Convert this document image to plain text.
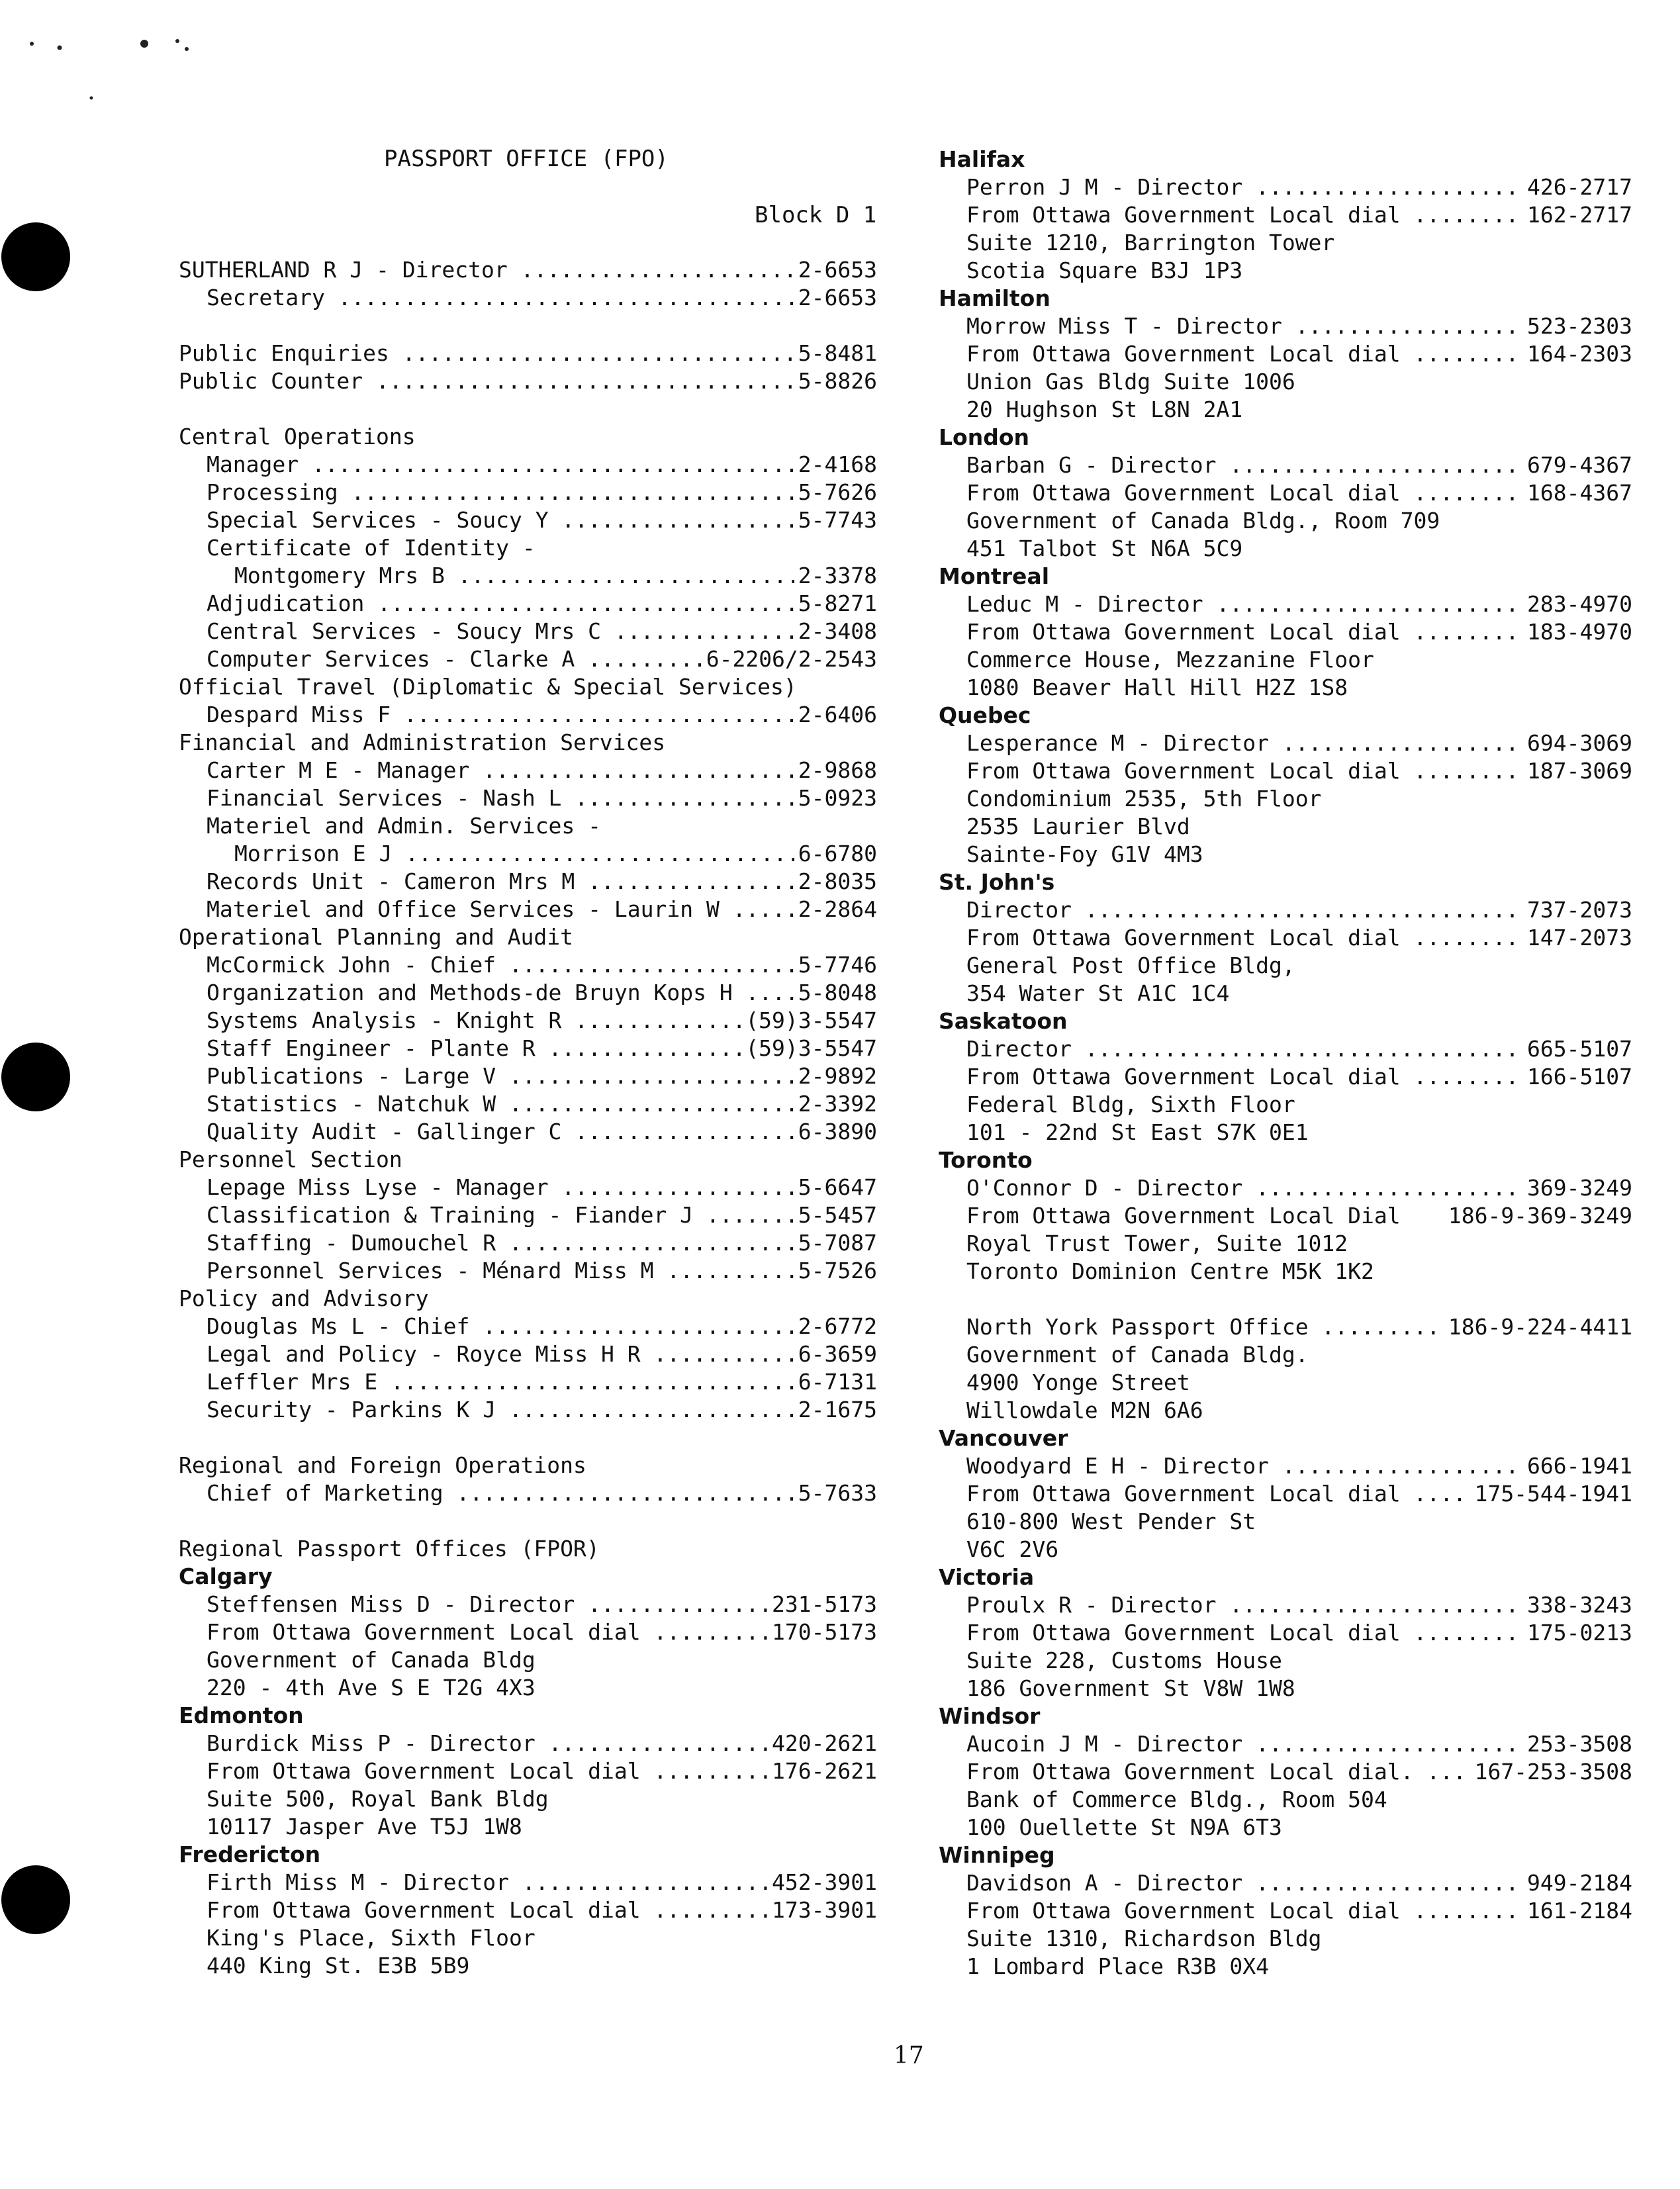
PASSPORT OFFICE (FPO)
Block D 1
SUTHERLAND R J - Director .....	2-6653
Secretary .....	2-6653
Public Enquiries .....	5-8481
Public Counter .....	5-8826
Central Operations
Manager .....	2-4168
Processing .....	5-7626
Special Services - Soucy Y .....	5-7743
Certificate of Identity -
Montgomery Mrs B .....	2-3378
Adjudication .....	5-8271
Central Services - Soucy Mrs C .....	2-3408
Computer Services - Clarke A .....	6-2206/2-2543
Official Travel (Diplomatic & Special Services)
Despard Miss F .....	2-6406
Financial and Administration Services
Carter M E - Manager .....	2-9868
Financial Services - Nash L .....	5-0923
Materiel and Admin. Services -
Morrison E J .....	6-6780
Records Unit - Cameron Mrs M .....	2-8035
Materiel and Office Services - Laurin W .....	2-2864
Operational Planning and Audit
McCormick John - Chief .....	5-7746
Organization and Methods-de Bruyn Kops H .....	5-8048
Systems Analysis - Knight R .....	(59)3-5547
Staff Engineer - Plante R .....	(59)3-5547
Publications - Large V .....	2-9892
Statistics - Natchuk W .....	2-3392
Quality Audit - Gallinger C .....	6-3890
Personnel Section
Lepage Miss Lyse - Manager .....	5-6647
Classification & Training - Fiander J .....	5-5457
Staffing - Dumouchel R .....	5-7087
Personnel Services - Ménard Miss M .....	5-7526
Policy and Advisory
Douglas Ms L - Chief .....	2-6772
Legal and Policy - Royce Miss H R .....	6-3659
Leffler Mrs E .....	6-7131
Security - Parkins K J .....	2-1675
Regional and Foreign Operations
Chief of Marketing .....	5-7633
Regional Passport Offices (FPOR)
Calgary
Steffensen Miss D - Director .....	231-5173
From Ottawa Government Local dial .....	170-5173
Government of Canada Bldg
220 - 4th Ave S E T2G 4X3
Edmonton
Burdick Miss P - Director .....	420-2621
From Ottawa Government Local dial .....	176-2621
Suite 500, Royal Bank Bldg
10117 Jasper Ave T5J 1W8
Fredericton
Firth Miss M - Director .....	452-3901
From Ottawa Government Local dial .....	173-3901
King's Place, Sixth Floor
440 King St. E3B 5B9
Halifax
Perron J M - Director .....	426-2717
From Ottawa Government Local dial .....	162-2717
Suite 1210, Barrington Tower
Scotia Square B3J 1P3
Hamilton
Morrow Miss T - Director .....	523-2303
From Ottawa Government Local dial .....	164-2303
Union Gas Bldg Suite 1006
20 Hughson St L8N 2A1
London
Barban G - Director .....	679-4367
From Ottawa Government Local dial .....	168-4367
Government of Canada Bldg., Room 709
451 Talbot St N6A 5C9
Montreal
Leduc M - Director .....	283-4970
From Ottawa Government Local dial .....	183-4970
Commerce House, Mezzanine Floor
1080 Beaver Hall Hill H2Z 1S8
Quebec
Lesperance M - Director .....	694-3069
From Ottawa Government Local dial .....	187-3069
Condominium 2535, 5th Floor
2535 Laurier Blvd
Sainte-Foy G1V 4M3
St. John's
Director .....	737-2073
From Ottawa Government Local dial .....	147-2073
General Post Office Bldg,
354 Water St A1C 1C4
Saskatoon
Director .....	665-5107
From Ottawa Government Local dial .....	166-5107
Federal Bldg, Sixth Floor
101 - 22nd St East S7K 0E1
Toronto
O'Connor D - Director .....	369-3249
From Ottawa Government Local Dial	186-9-369-3249
Royal Trust Tower, Suite 1012
Toronto Dominion Centre M5K 1K2
North York Passport Office .....	186-9-224-4411
Government of Canada Bldg.
4900 Yonge Street
Willowdale M2N 6A6
Vancouver
Woodyard E H - Director .....	666-1941
From Ottawa Government Local dial .....	175-544-1941
610-800 West Pender St
V6C 2V6
Victoria
Proulx R - Director .....	338-3243
From Ottawa Government Local dial .....	175-0213
Suite 228, Customs House
186 Government St V8W 1W8
Windsor
Aucoin J M - Director .....	253-3508
From Ottawa Government Local dial. .....	167-253-3508
Bank of Commerce Bldg., Room 504
100 Ouellette St N9A 6T3
Winnipeg
Davidson A - Director .....	949-2184
From Ottawa Government Local dial .....	161-2184
Suite 1310, Richardson Bldg
1 Lombard Place R3B 0X4
17
